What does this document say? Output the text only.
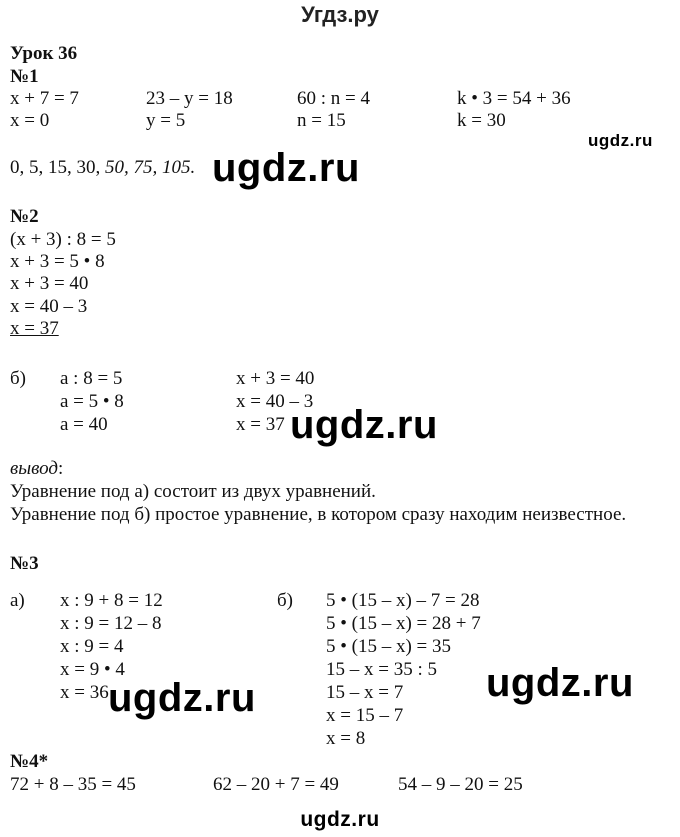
Угдз.ру
Урок 36
№1
x + 7 = 7
x = 0
23 – y = 18
y = 5
60 : n = 4
n = 15
k • 3 = 54 + 36
k = 30
ugdz.ru
0, 5, 15, 30, 50, 75, 105. ugdz.ru
№2
(x + 3) : 8 = 5
x + 3 = 5 • 8
x + 3 = 40
x = 40 – 3
x = 37
б) a : 8 = 5
a = 5 • 8
a = 40
x + 3 = 40
x = 40 – 3
x = 37 ugdz.ru
вывод:
Уравнение под а) состоит из двух уравнений.
Уравнение под б) простое уравнение, в котором сразу находим неизвестное.
№3
а) x : 9 + 8 = 12
x : 9 = 12 – 8
x : 9 = 4
x = 9 • 4
x = 36 ugdz.ru
б) 5 • (15 – x) – 7 = 28
5 • (15 – x) = 28 + 7
5 • (15 – x) = 35
15 – x = 35 : 5
15 – x = 7
x = 15 – 7
x = 8
ugdz.ru
№4*
72 + 8 – 35 = 45	62 – 20 + 7 = 49	54 – 9 – 20 = 25
ugdz.ru
